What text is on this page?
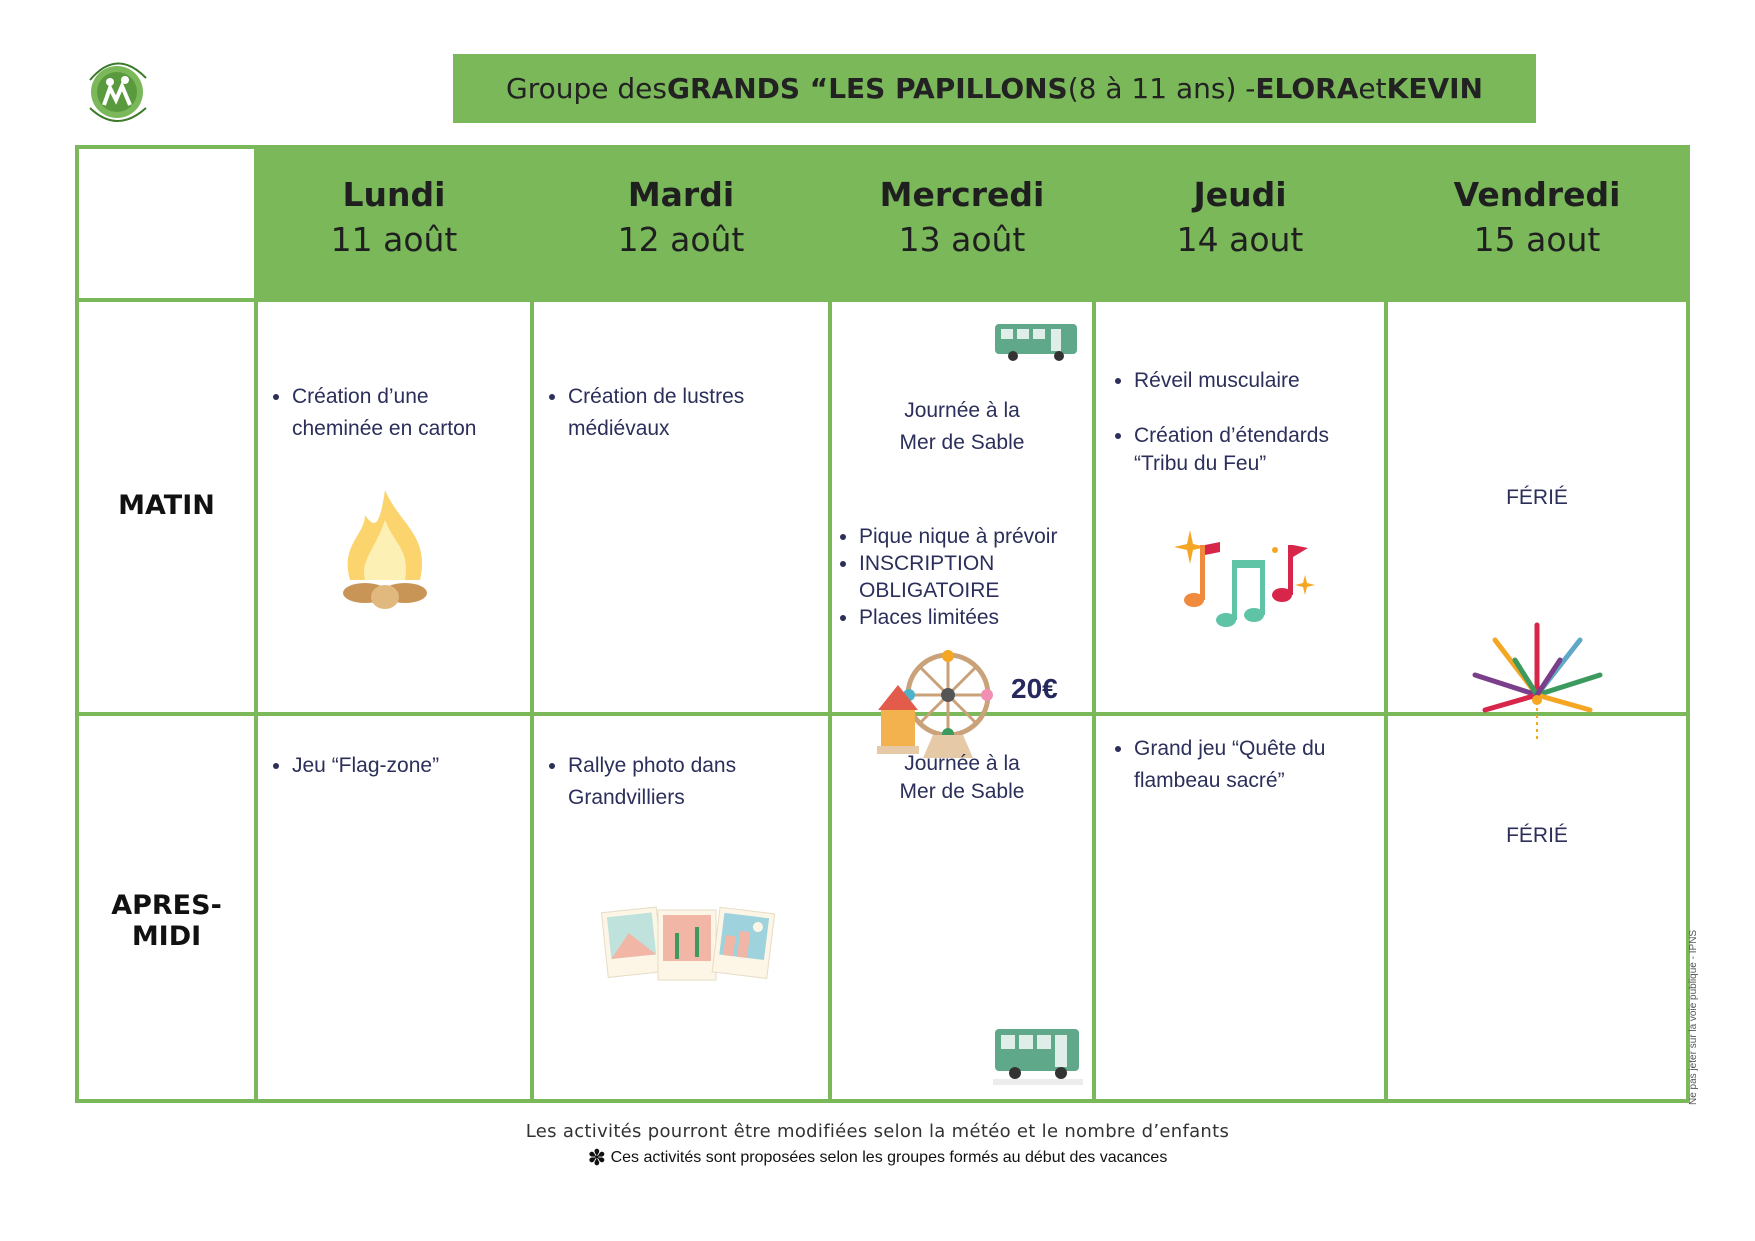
Groupe des GRANDS “LES PAPILLONS (8 à 11 ans) - ELORA et KEVIN
Lundi
11 août
Mardi
12 août
Mercredi
13 août
Jeudi
14 aout
Vendredi
15 aout
MATIN
APRES-MIDI
• Création d’une cheminée en carton
• Création de lustres médiévaux
Journée à la
Mer de Sable
• Pique nique à prévoir
• INSCRIPTION OBLIGATOIRE
• Places limitées
20€
• Réveil musculaire
• Création d’étendards “Tribu du Feu”
FÉRIÉ
• Jeu “Flag-zone”
•	Rallye photo dans Grandvilliers
Journée à la
Mer de Sable
• Grand jeu “Quête du flambeau sacré”
FÉRIÉ
Les activités pourront être modifiées selon la météo et le nombre d’enfants
✽ Ces activités sont proposées selon les groupes formés au début des vacances
Ne pas jeter sur la voie publique - IPNS
